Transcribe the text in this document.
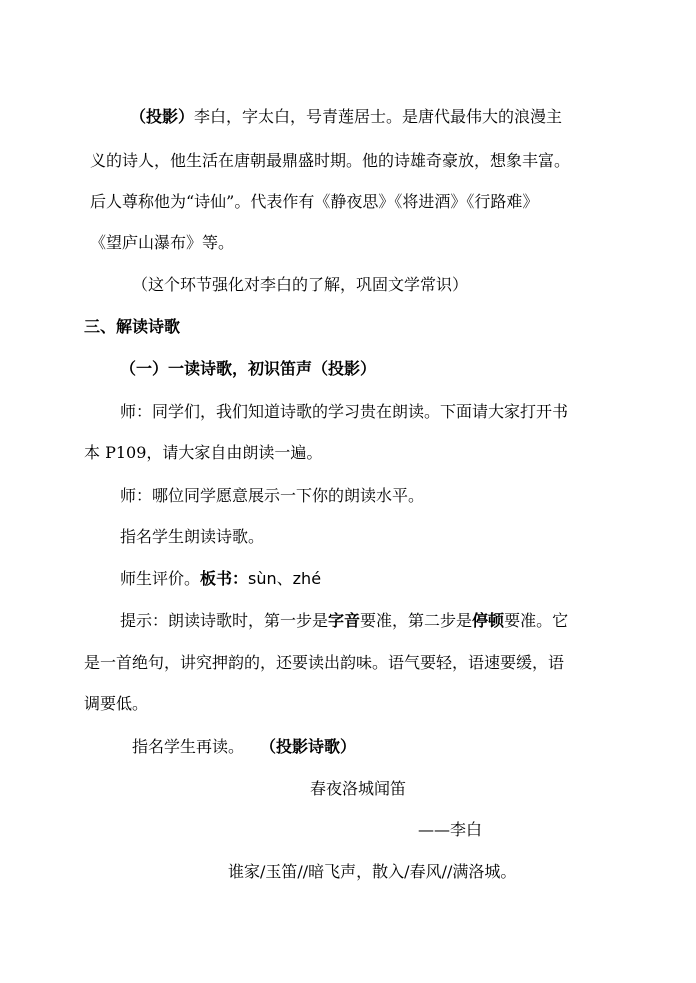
（投影）李白，字太白，号青莲居士。是唐代最伟大的浪漫主
义的诗人，他生活在唐朝最鼎盛时期。他的诗雄奇豪放，想象丰富。
后人尊称他为“诗仙”。代表作有《静夜思》《将进酒》《行路难》
《望庐山瀑布》等。
（这个环节强化对李白的了解，巩固文学常识）
三、解读诗歌
（一）一读诗歌，初识笛声（投影）
师：同学们，我们知道诗歌的学习贵在朗读。下面请大家打开书
本 P109，请大家自由朗读一遍。
师：哪位同学愿意展示一下你的朗读水平。
指名学生朗读诗歌。
师生评价。板书：sùn、zhé
提示：朗读诗歌时，第一步是字音要准，第二步是停顿要准。它
是一首绝句，讲究押韵的，还要读出韵味。语气要轻，语速要缓，语
调要低。
指名学生再读。 （投影诗歌）
春夜洛城闻笛
——李白
谁家/玉笛//暗飞声，散入/春风//满洛城。
